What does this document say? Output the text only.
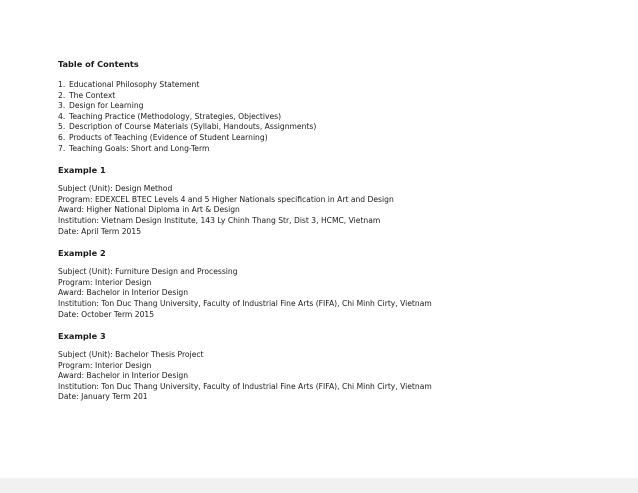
Table of Contents
1. Educational Philosophy Statement
2. The Context
3. Design for Learning
4. Teaching Practice (Methodology, Strategies, Objectives)
5. Description of Course Materials (Syllabi, Handouts, Assignments)
6. Products of Teaching (Evidence of Student Learning)
7. Teaching Goals: Short and Long-Term
Example 1
Subject (Unit): Design Method
Program: EDEXCEL BTEC Levels 4 and 5 Higher Nationals specification in Art and Design
Award: Higher National Diploma in Art & Design
Institution: Vietnam Design Institute, 143 Ly Chinh Thang Str, Dist 3, HCMC, Vietnam
Date: April Term 2015
Example 2
Subject (Unit): Furniture Design and Processing
Program: Interior Design
Award: Bachelor in Interior Design
Institution: Ton Duc Thang University, Faculty of Industrial Fine Arts (FIFA), Chi Minh Cirty, Vietnam
Date: October Term 2015
Example 3
Subject (Unit): Bachelor Thesis Project
Program: Interior Design
Award: Bachelor in Interior Design
Institution: Ton Duc Thang University, Faculty of Industrial Fine Arts (FIFA), Chi Minh Cirty, Vietnam
Date: January Term 201
